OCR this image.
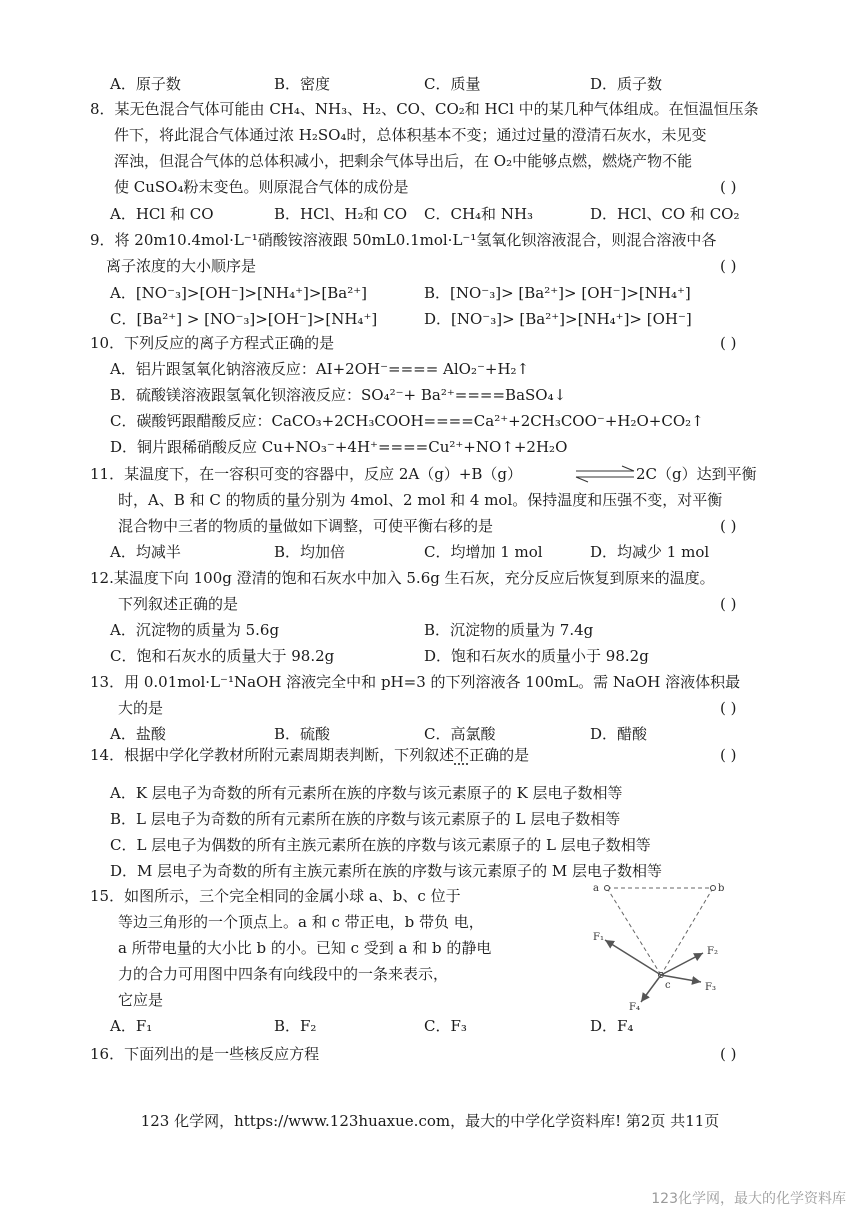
A．原子数	B．密度	C．质量	D．质子数
8．某无色混合气体可能由 CH₄、NH₃、H₂、CO、CO₂和 HCl 中的某几种气体组成。在恒温恒压条
件下，将此混合气体通过浓 H₂SO₄时，总体积基本不变；通过过量的澄清石灰水，未见变
浑浊，但混合气体的总体积减小，把剩余气体导出后，在 O₂中能够点燃，燃烧产物不能
使 CuSO₄粉末变色。则原混合气体的成份是	( )
A．HCl 和 CO	B．HCl、H₂和 CO C．CH₄和 NH₃	D．HCl、CO 和 CO₂
9．将 20m10.4mol·L⁻¹硝酸铵溶液跟 50mL0.1mol·L⁻¹氢氧化钡溶液混合，则混合溶液中各
离子浓度的大小顺序是	( )
A．[NO⁻₃]>[OH⁻]>[NH₄⁺]>[Ba²⁺]	B．[NO⁻₃]> [Ba²⁺]> [OH⁻]>[NH₄⁺]
C．[Ba²⁺] > [NO⁻₃]>[OH⁻]>[NH₄⁺]	D．[NO⁻₃]> [Ba²⁺]>[NH₄⁺]> [OH⁻]
10．下列反应的离子方程式正确的是	( )
A．铝片跟氢氧化钠溶液反应：AI+2OH⁻==== AlO₂⁻+H₂↑
B．硫酸镁溶液跟氢氧化钡溶液反应：SO₄²⁻+ Ba²⁺====BaSO₄↓
C．碳酸钙跟醋酸反应：CaCO₃+2CH₃COOH====Ca²⁺+2CH₃COO⁻+H₂O+CO₂↑
D．铜片跟稀硝酸反应 Cu+NO₃⁻+4H⁺====Cu²⁺+NO↑+2H₂O
11．某温度下，在一容积可变的容器中，反应 2A（g）+B（g）	2C（g）达到平衡
时，A、B 和 C 的物质的量分别为 4mol、2 mol 和 4 mol。保持温度和压强不变，对平衡
混合物中三者的物质的量做如下调整，可使平衡右移的是	( )
A．均减半	B．均加倍	C．均增加 1 mol	D．均减少 1 mol
12.某温度下向 100g 澄清的饱和石灰水中加入 5.6g 生石灰，充分反应后恢复到原来的温度。
下列叙述正确的是	( )
A．沉淀物的质量为 5.6g	B．沉淀物的质量为 7.4g
C．饱和石灰水的质量大于 98.2g	D．饱和石灰水的质量小于 98.2g
13．用 0.01mol·L⁻¹NaOH 溶液完全中和 pH=3 的下列溶液各 100mL。需 NaOH 溶液体积最
大的是	( )
A．盐酸	B．硫酸	C．高氯酸	D．醋酸
14．根据中学化学教材所附元素周期表判断，下列叙述不正确的是	( )
A．K 层电子为奇数的所有元素所在族的序数与该元素原子的 K 层电子数相等
B．L 层电子为奇数的所有元素所在族的序数与该元素原子的 L 层电子数相等
C．L 层电子为偶数的所有主族元素所在族的序数与该元素原子的 L 层电子数相等
D．M 层电子为奇数的所有主族元素所在族的序数与该元素原子的 M 层电子数相等
15．如图所示，三个完全相同的金属小球 a、b、c 位于
等边三角形的一个顶点上。a 和 c 带正电，b 带负 电，
a 所带电量的大小比 b 的小。已知 c 受到 a 和 b 的静电
力的合力可用图中四条有向线段中的一条来表示，
它应是
a	b
c
F₁
F₂
F₃
F₄
A．F₁	B．F₂	C．F₃	D．F₄
16．下面列出的是一些核反应方程	( )
123 化学网，https://www.123huaxue.com，最大的中学化学资料库! 第2页 共11页
123化学网，最大的化学资料库
